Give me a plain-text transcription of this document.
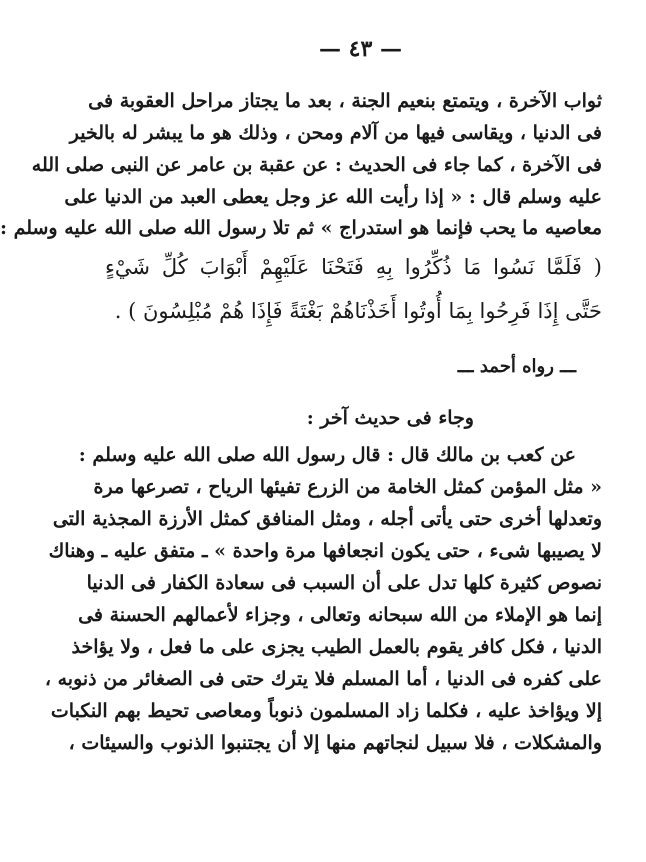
— ٤٣ —
ثواب الآخرة ، ويتمتع بنعيم الجنة ، بعد ما يجتاز مراحل العقوبة فى
فى الدنيا ، ويقاسى فيها من آلام ومحن ، وذلك هو ما يبشر له بالخير
فى الآخرة ، كما جاء فى الحديث : عن عقبة بن عامر عن النبى صلى الله
عليه وسلم قال : « إذا رأيت الله عز وجل يعطى العبد من الدنيا على
معاصيه ما يحب فإنما هو استدراج » ثم تلا رسول الله صلى الله عليه وسلم :
( فَلَمَّا نَسُوا مَا ذُكِّرُوا بِهِ فَتَحْنَا عَلَيْهِمْ أَبْوَابَ كُلِّ شَيْءٍ
حَتَّى إِذَا فَرِحُوا بِمَا أُوتُوا أَخَذْنَاهُمْ بَغْتَةً فَإِذَا هُمْ مُبْلِسُونَ ) .
ـــ رواه أحمد ـــ
وجاء فى حديث آخر :
عن كعب بن مالك قال : قال رسول الله صلى الله عليه وسلم :
« مثل المؤمن كمثل الخامة من الزرع تفيئها الرياح ، تصرعها مرة
وتعدلها أخرى حتى يأتى أجله ، ومثل المنافق كمثل الأرزة المجذية التى
لا يصيبها شىء ، حتى يكون انجعافها مرة واحدة » ـ متفق عليه ـ وهناك
نصوص كثيرة كلها تدل على أن السبب فى سعادة الكفار فى الدنيا
إنما هو الإملاء من الله سبحانه وتعالى ، وجزاء لأعمالهم الحسنة فى
الدنيا ، فكل كافر يقوم بالعمل الطيب يجزى على ما فعل ، ولا يؤاخذ
على كفره فى الدنيا ، أما المسلم فلا يترك حتى فى الصغائر من ذنوبه ،
إلا ويؤاخذ عليه ، فكلما زاد المسلمون ذنوباً ومعاصى تحيط بهم النكبات
والمشكلات ، فلا سبيل لنجاتهم منها إلا أن يجتنبوا الذنوب والسيئات ،
